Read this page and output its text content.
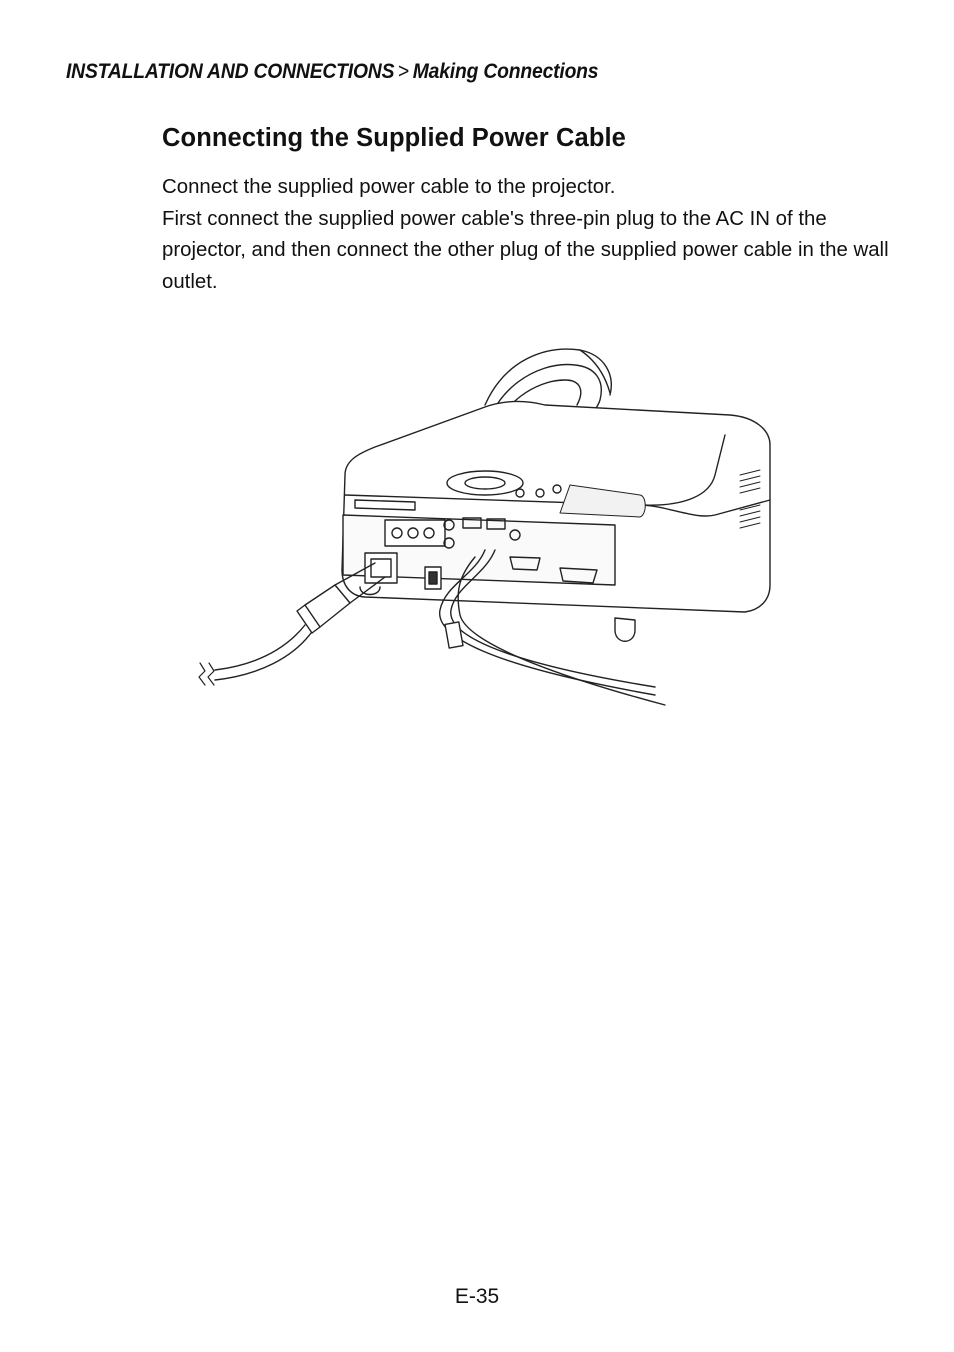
INSTALLATION AND CONNECTIONS > Making Connections
Connecting the Supplied Power Cable

Connect the supplied power cable to the projector.

First connect the supplied power cable's three-pin plug to the AC IN of the projector, and then connect the other plug of the supplied power cable in the wall outlet.

E-35
